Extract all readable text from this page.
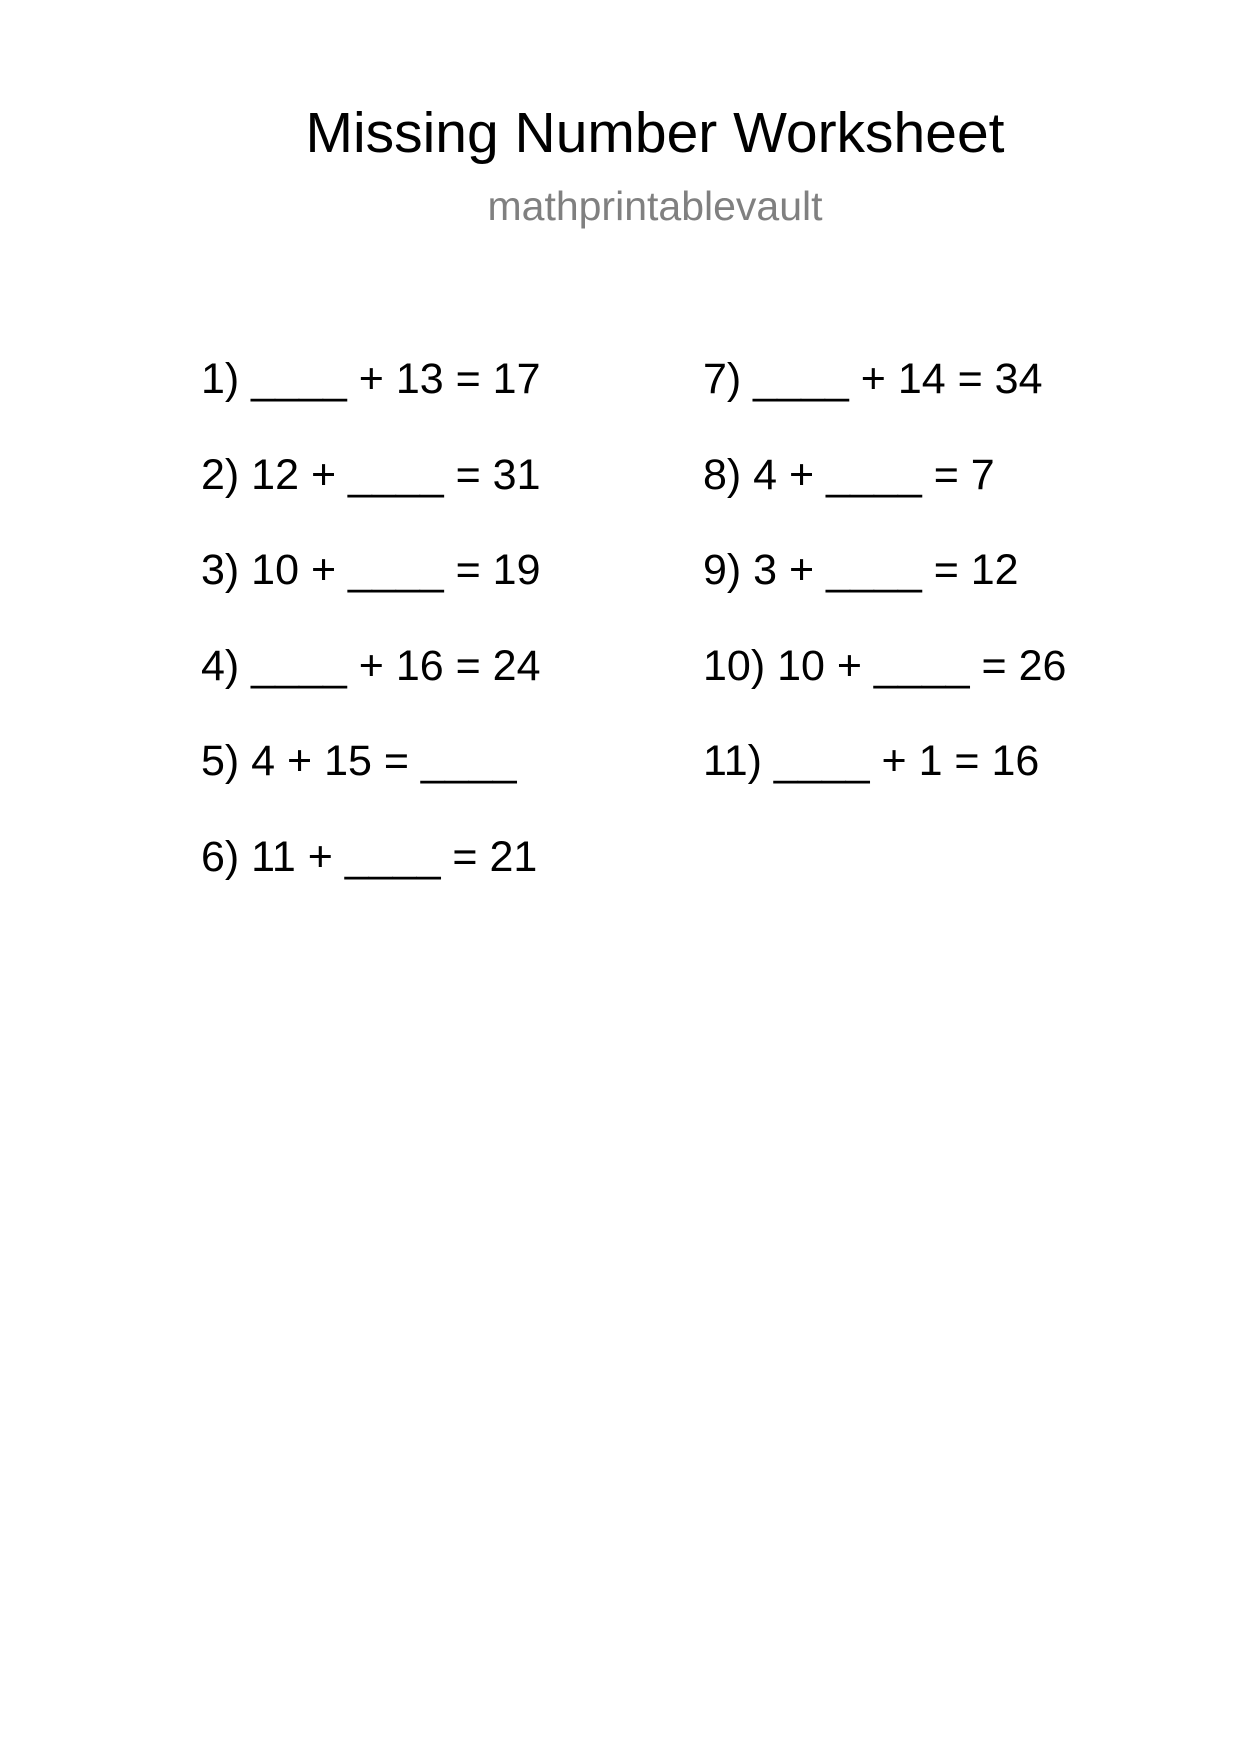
Missing Number Worksheet
mathprintablevault
1) ____ + 13 = 17
2) 12 + ____ = 31
3) 10 + ____ = 19
4) ____ + 16 = 24
5) 4 + 15 = ____
6) 11 + ____ = 21
7) ____ + 14 = 34
8) 4 + ____ = 7
9) 3 + ____ = 12
10) 10 + ____ = 26
11) ____ + 1 = 16
